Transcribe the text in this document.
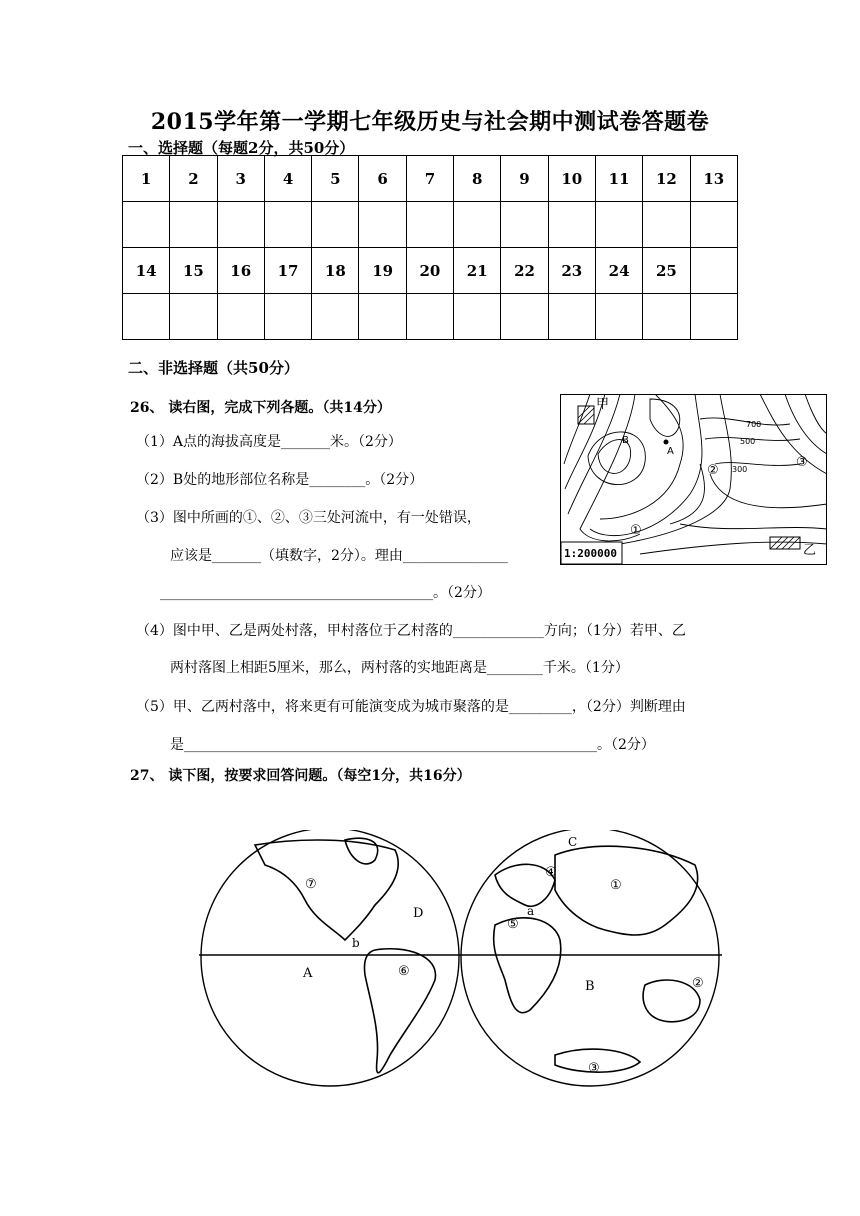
2015学年第一学期七年级历史与社会期中测试卷答题卷
一、选择题（每题2分，共50分）
1	2	3	4	5	6	7	8	9	10	11	12	13

14	15	16	17	18	19	20	21	22	23	24	25	

二、非选择题（共50分）
26、 读右图，完成下列各题。（共14分）
（1）A点的海拔高度是_______米。（2分）
（2）B处的地形部位名称是________。（2分）
（3）图中所画的①、②、③三处河流中，有一处错误，
应该是_______（填数字，2分）。理由_______________
_______________________________________。（2分）
（4）图中甲、乙是两处村落，甲村落位于乙村落的_____________方向；（1分）若甲、乙
两村落图上相距5厘米，那么，两村落的实地距离是________千米。（1分）
（5）甲、乙两村落中，将来更有可能演变成为城市聚落的是_________，（2分）判断理由
是___________________________________________________________。（2分）
甲
乙
A
B
700
500
300
②
③
①
1:200000
27、 读下图，按要求回答问题。（每空1分，共16分）
⑦
D
b
A	⑥
C
④
①
a
⑤
B	②
③
